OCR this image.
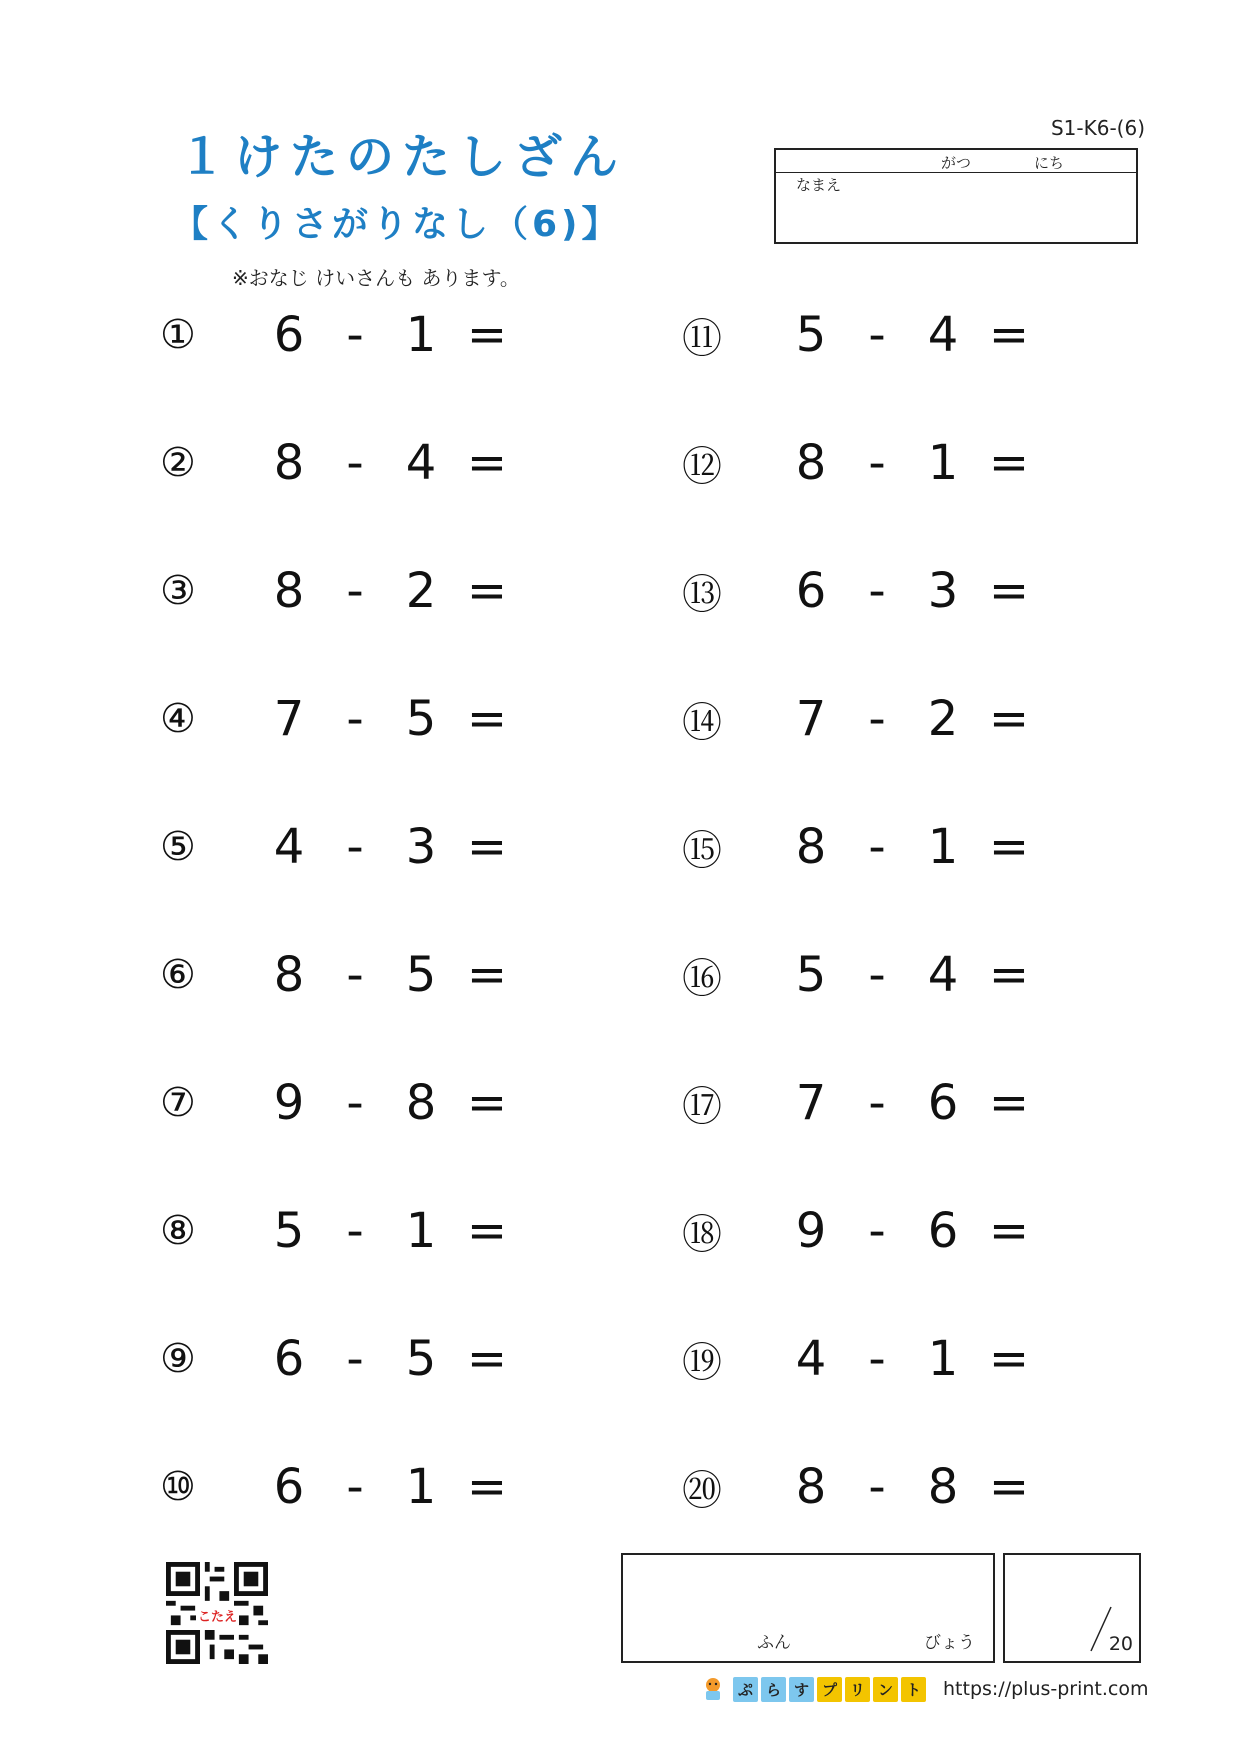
１けたのたしざん
【くりさがりなし（6)】
※おなじ けいさんも あります。
S1-K6-(6)
がつ	にち
なまえ
①	6 - 1 =	⑪	5 - 4 =
②	8 - 4 =	⑫	8 - 1 =
③	8 - 2 =	⑬	6 - 3 =
④	7 - 5 =	⑭	7 - 2 =
⑤	4 - 3 =	⑮	8 - 1 =
⑥	8 - 5 =	⑯	5 - 4 =
⑦	9 - 8 =	⑰	7 - 6 =
⑧	5 - 1 =	⑱	9 - 6 =
⑨	6 - 5 =	⑲	4 - 1 =
⑩	6 - 1 =	⑳	8 - 8 =
こたえ
ふん	びょう	20
ぷ ら す プ リ ン ト https://plus-print.com
